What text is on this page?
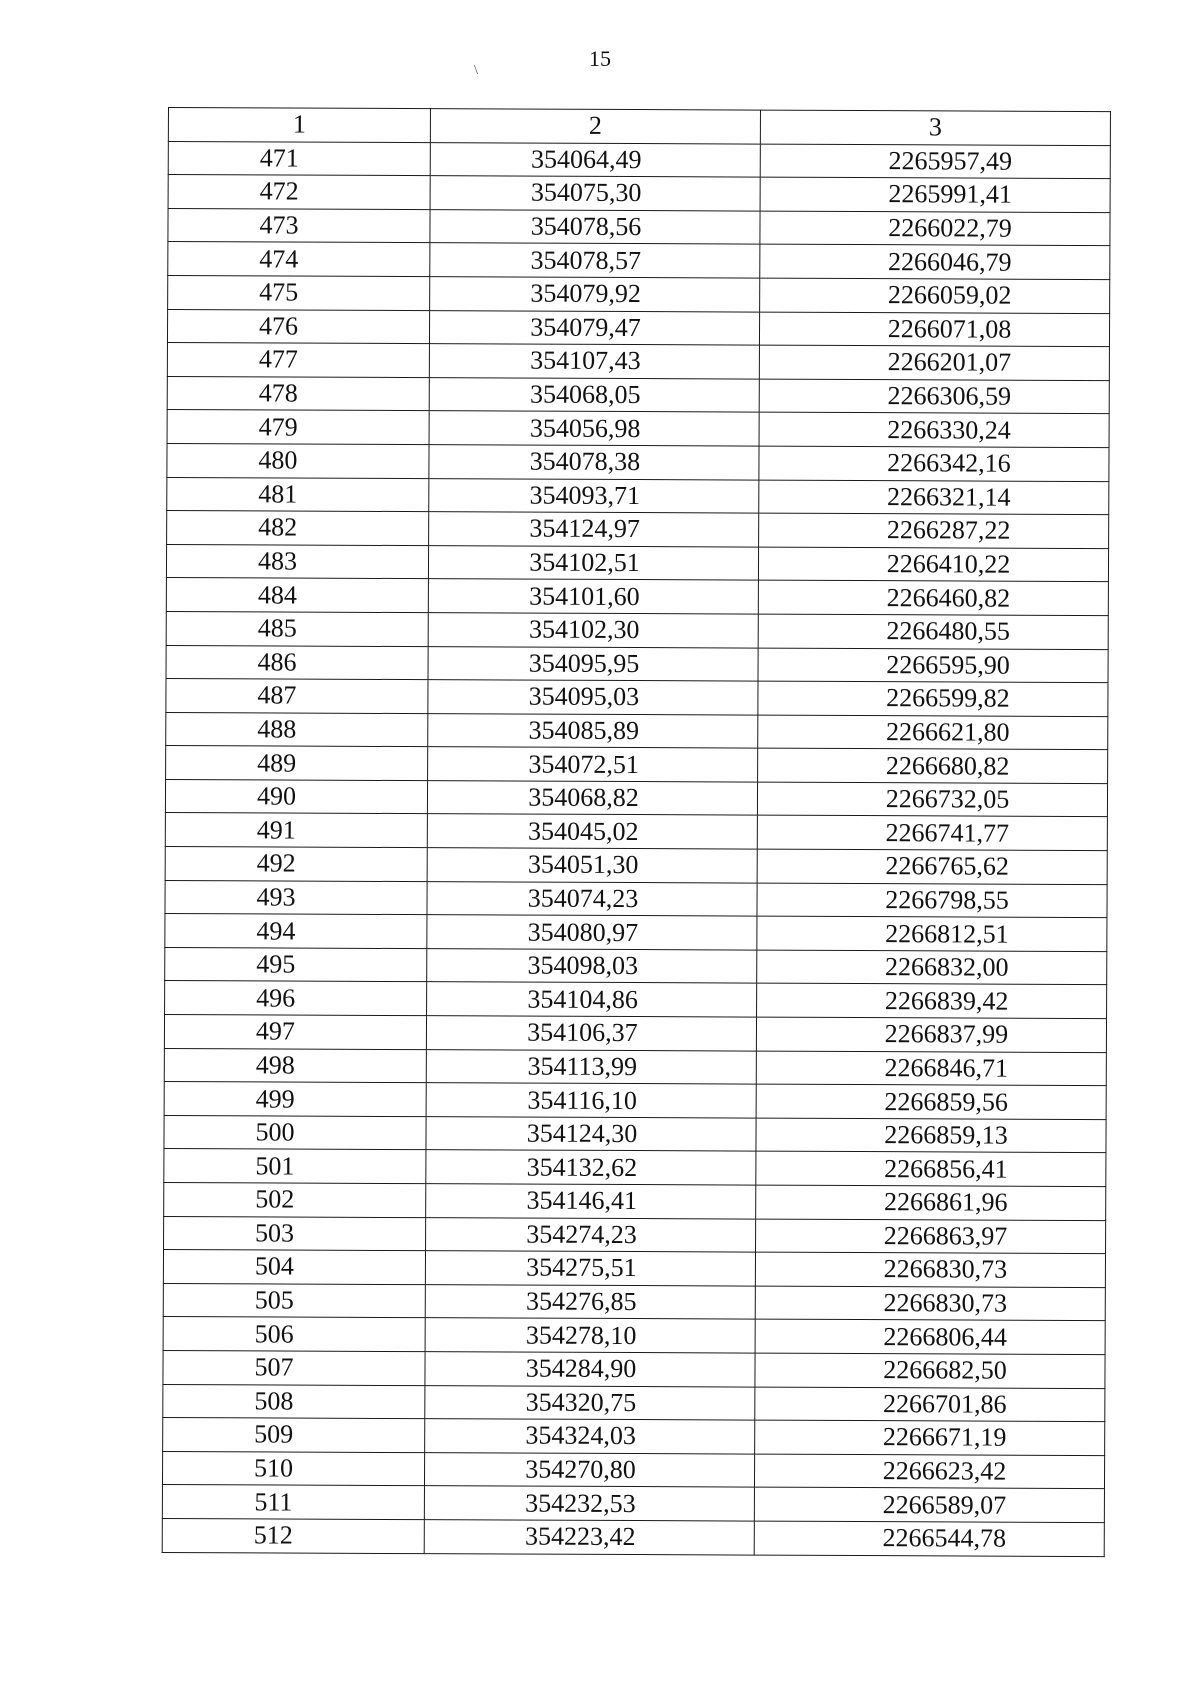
15
\
1	2	3
471	354064,49	2265957,49
472	354075,30	2265991,41
473	354078,56	2266022,79
474	354078,57	2266046,79
475	354079,92	2266059,02
476	354079,47	2266071,08
477	354107,43	2266201,07
478	354068,05	2266306,59
479	354056,98	2266330,24
480	354078,38	2266342,16
481	354093,71	2266321,14
482	354124,97	2266287,22
483	354102,51	2266410,22
484	354101,60	2266460,82
485	354102,30	2266480,55
486	354095,95	2266595,90
487	354095,03	2266599,82
488	354085,89	2266621,80
489	354072,51	2266680,82
490	354068,82	2266732,05
491	354045,02	2266741,77
492	354051,30	2266765,62
493	354074,23	2266798,55
494	354080,97	2266812,51
495	354098,03	2266832,00
496	354104,86	2266839,42
497	354106,37	2266837,99
498	354113,99	2266846,71
499	354116,10	2266859,56
500	354124,30	2266859,13
501	354132,62	2266856,41
502	354146,41	2266861,96
503	354274,23	2266863,97
504	354275,51	2266830,73
505	354276,85	2266830,73
506	354278,10	2266806,44
507	354284,90	2266682,50
508	354320,75	2266701,86
509	354324,03	2266671,19
510	354270,80	2266623,42
511	354232,53	2266589,07
512	354223,42	2266544,78
